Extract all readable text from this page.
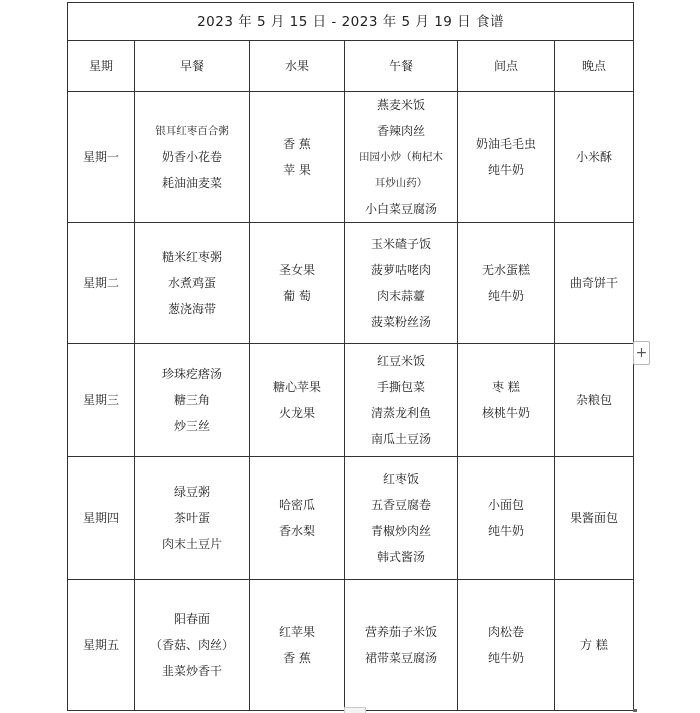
2023 年 5 月 15 日 - 2023 年 5 月 19 日 食谱					
星期	早餐	水果	午餐	间点	晚点
星期一	银耳红枣百合粥
奶香小花卷
耗油油麦菜	香 蕉
苹 果	燕麦米饭
香辣肉丝
田园小炒（枸杞木
耳炒山药）
小白菜豆腐汤	奶油毛毛虫
纯牛奶	小米酥

星期二	糙米红枣粥
水煮鸡蛋
葱浇海带	圣女果
葡 萄	玉米碴子饭
菠萝咕咾肉
肉末蒜薹
菠菜粉丝汤	无水蛋糕
纯牛奶	曲奇饼干

星期三	珍珠疙瘩汤
糖三角
炒三丝	糖心苹果
火龙果	红豆米饭
手撕包菜
清蒸龙利鱼
南瓜土豆汤	枣 糕
核桃牛奶	杂粮包

星期四	绿豆粥
茶叶蛋
肉末土豆片	哈密瓜
香水梨	红枣饭
五香豆腐卷
青椒炒肉丝
韩式酱汤	小面包
纯牛奶	果酱面包

星期五	阳春面
（香菇、肉丝）
韭菜炒香干	红苹果
香 蕉	营养茄子米饭
裙带菜豆腐汤	肉松卷
纯牛奶	方 糕
+
